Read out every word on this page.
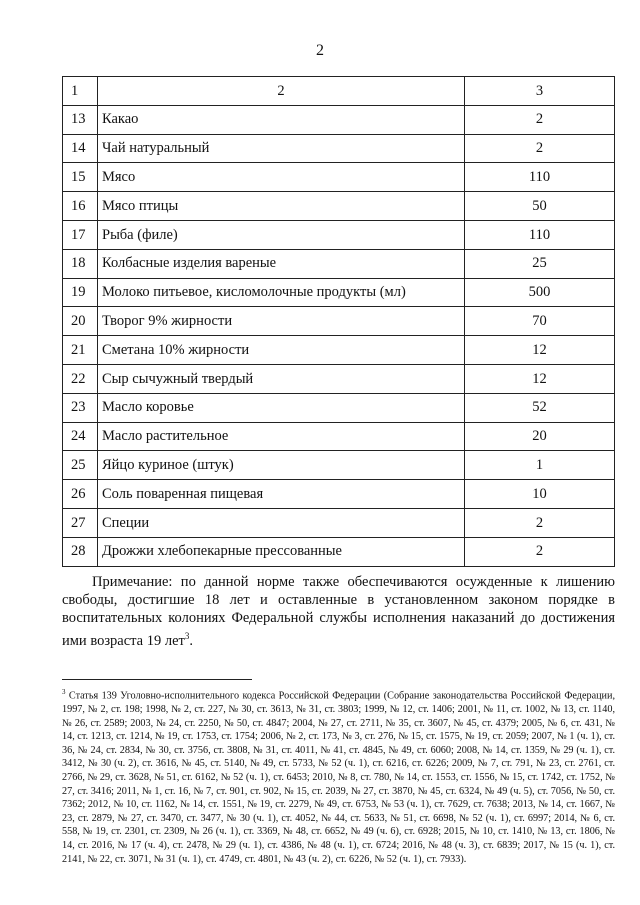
2
1	2	3
13	Какао	2
14	Чай натуральный	2
15	Мясо	110
16	Мясо птицы	50
17	Рыба (филе)	110
18	Колбасные изделия вареные	25
19	Молоко питьевое, кисломолочные продукты (мл)	500
20	Творог 9% жирности	70
21	Сметана 10% жирности	12
22	Сыр сычужный твердый	12
23	Масло коровье	52
24	Масло растительное	20
25	Яйцо куриное (штук)	1
26	Соль поваренная пищевая	10
27	Специи	2
28	Дрожжи хлебопекарные прессованные	2
Примечание: по данной норме также обеспечиваются осужденные к лишению свободы, достигшие 18 лет и оставленные в установленном законом порядке в воспитательных колониях Федеральной службы исполнения наказаний до достижения ими возраста 19 лет$^3$.
$^3$ Статья 139 Уголовно-исполнительного кодекса Российской Федерации (Собрание законодательства Российской Федерации, 1997, № 2, ст. 198; 1998, № 2, ст. 227, № 30, ст. 3613, № 31, ст. 3803; 1999, № 12, ст. 1406; 2001, № 11, ст. 1002, № 13, ст. 1140, № 26, ст. 2589; 2003, № 24, ст. 2250, № 50, ст. 4847; 2004, № 27, ст. 2711, № 35, ст. 3607, № 45, ст. 4379; 2005, № 6, ст. 431, № 14, ст. 1213, ст. 1214, № 19, ст. 1753, ст. 1754; 2006, № 2, ст. 173, № 3, ст. 276, № 15, ст. 1575, № 19, ст. 2059; 2007, № 1 (ч. 1), ст. 36, № 24, ст. 2834, № 30, ст. 3756, ст. 3808, № 31, ст. 4011, № 41, ст. 4845, № 49, ст. 6060; 2008, № 14, ст. 1359, № 29 (ч. 1), ст. 3412, № 30 (ч. 2), ст. 3616, № 45, ст. 5140, № 49, ст. 5733, № 52 (ч. 1), ст. 6216, ст. 6226; 2009, № 7, ст. 791, № 23, ст. 2761, ст. 2766, № 29, ст. 3628, № 51, ст. 6162, № 52 (ч. 1), ст. 6453; 2010, № 8, ст. 780, № 14, ст. 1553, ст. 1556, № 15, ст. 1742, ст. 1752, № 27, ст. 3416; 2011, № 1, ст. 16, № 7, ст. 901, ст. 902, № 15, ст. 2039, № 27, ст. 3870, № 45, ст. 6324, № 49 (ч. 5), ст. 7056, № 50, ст. 7362; 2012, № 10, ст. 1162, № 14, ст. 1551, № 19, ст. 2279, № 49, ст. 6753, № 53 (ч. 1), ст. 7629, ст. 7638; 2013, № 14, ст. 1667, № 23, ст. 2879, № 27, ст. 3470, ст. 3477, № 30 (ч. 1), ст. 4052, № 44, ст. 5633, № 51, ст. 6698, № 52 (ч. 1), ст. 6997; 2014, № 6, ст. 558, № 19, ст. 2301, ст. 2309, № 26 (ч. 1), ст. 3369, № 48, ст. 6652, № 49 (ч. 6), ст. 6928; 2015, № 10, ст. 1410, № 13, ст. 1806, № 14, ст. 2016, № 17 (ч. 4), ст. 2478, № 29 (ч. 1), ст. 4386, № 48 (ч. 1), ст. 6724; 2016, № 48 (ч. 3), ст. 6839; 2017, № 15 (ч. 1), ст. 2141, № 22, ст. 3071, № 31 (ч. 1), ст. 4749, ст. 4801, № 43 (ч. 2), ст. 6226, № 52 (ч. 1), ст. 7933).
